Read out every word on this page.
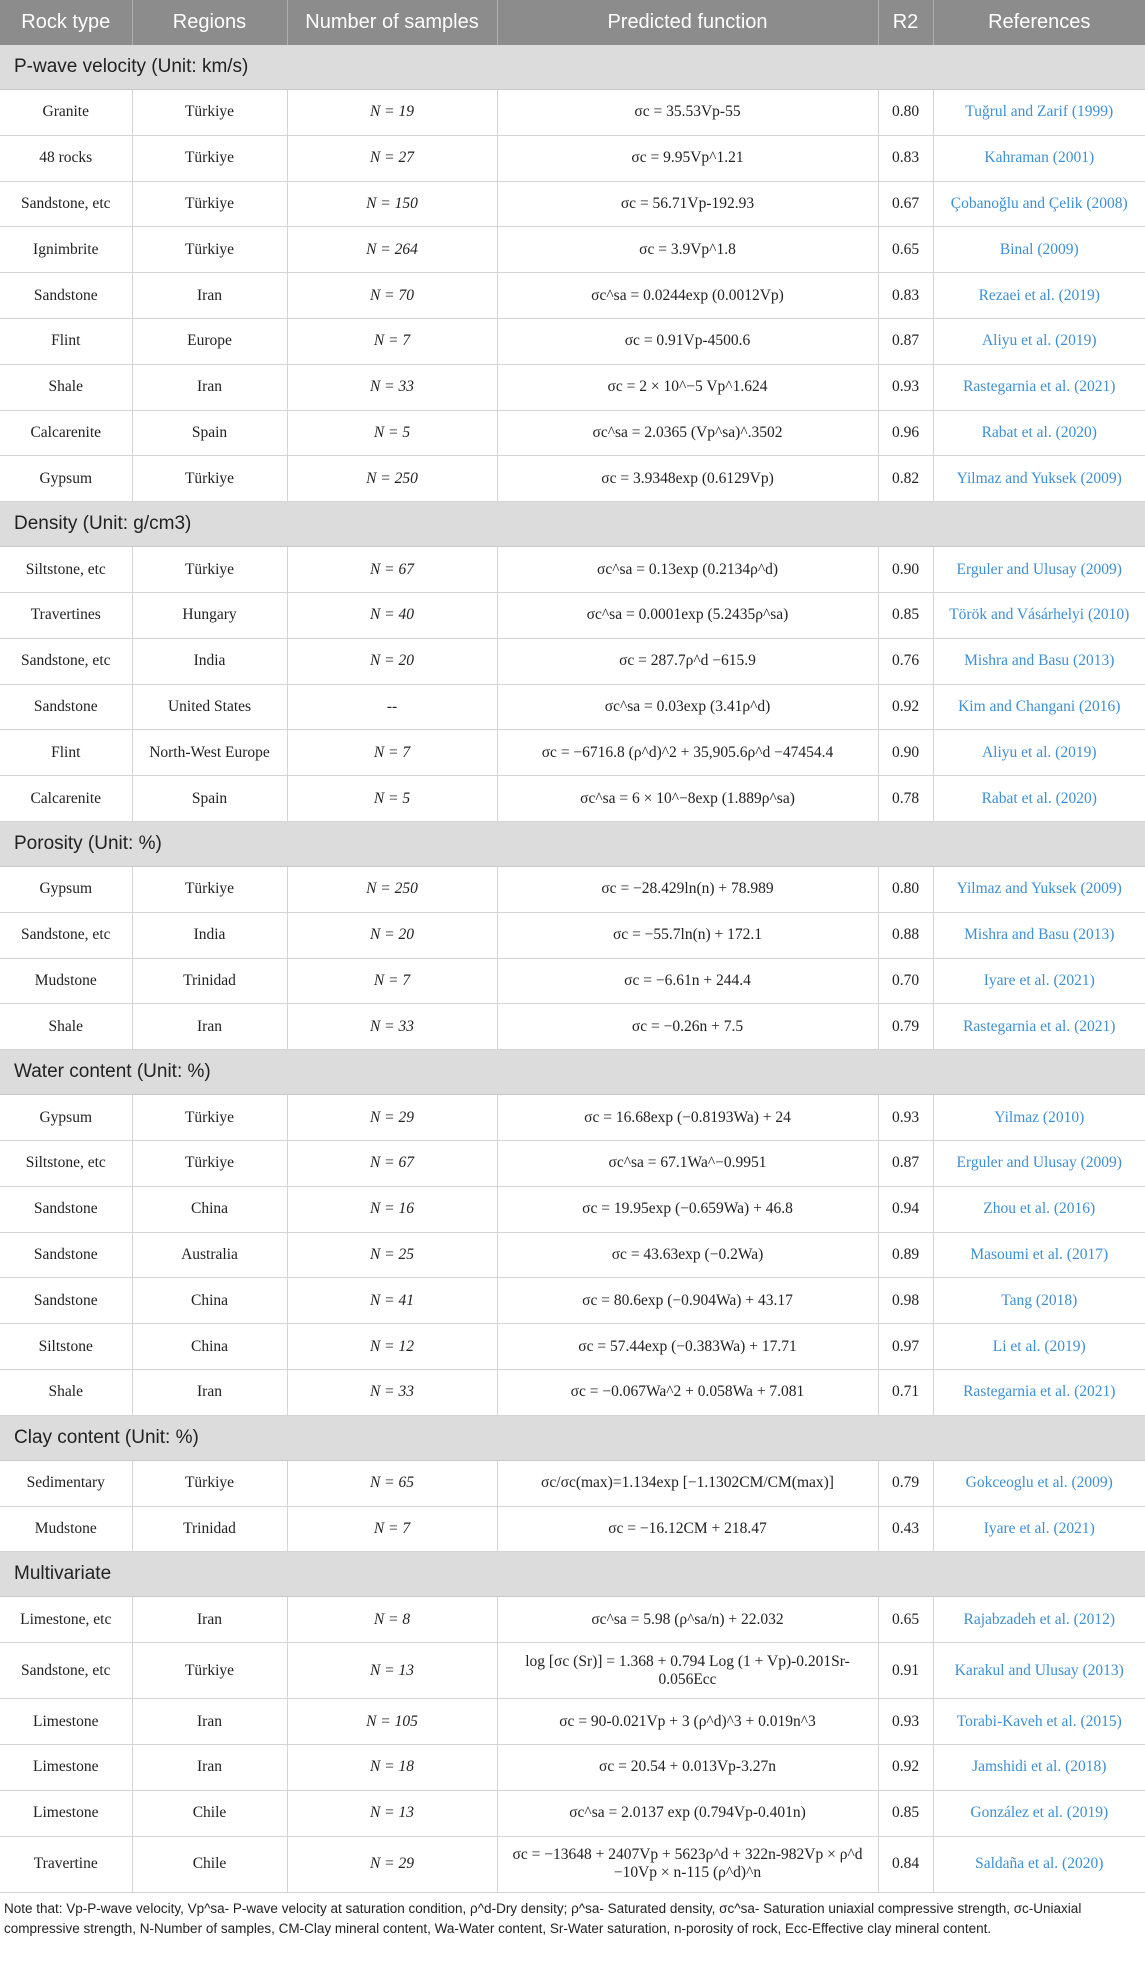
Rock type	Regions	Number of samples	Predicted function	R2	References
P-wave velocity (Unit: km/s)					
Granite	Türkiye	N = 19	σc = 35.53Vp-55	0.80	Tuğrul and Zarif (1999)
48 rocks	Türkiye	N = 27	σc = 9.95Vp^1.21	0.83	Kahraman (2001)
Sandstone, etc	Türkiye	N = 150	σc = 56.71Vp-192.93	0.67	Çobanoğlu and Çelik (2008)
Ignimbrite	Türkiye	N = 264	σc = 3.9Vp^1.8	0.65	Binal (2009)
Sandstone	Iran	N = 70	σc^sa = 0.0244exp (0.0012Vp)	0.83	Rezaei et al. (2019)
Flint	Europe	N = 7	σc = 0.91Vp-4500.6	0.87	Aliyu et al. (2019)
Shale	Iran	N = 33	σc = 2 × 10^−5 Vp^1.624	0.93	Rastegarnia et al. (2021)
Calcarenite	Spain	N = 5	σc^sa = 2.0365 (Vp^sa)^.3502	0.96	Rabat et al. (2020)
Gypsum	Türkiye	N = 250	σc = 3.9348exp (0.6129Vp)	0.82	Yilmaz and Yuksek (2009)
Density (Unit: g/cm3)					
Siltstone, etc	Türkiye	N = 67	σc^sa = 0.13exp (0.2134ρ^d)	0.90	Erguler and Ulusay (2009)
Travertines	Hungary	N = 40	σc^sa = 0.0001exp (5.2435ρ^sa)	0.85	Török and Vásárhelyi (2010)
Sandstone, etc	India	N = 20	σc = 287.7ρ^d −615.9	0.76	Mishra and Basu (2013)
Sandstone	United States	--	σc^sa = 0.03exp (3.41ρ^d)	0.92	Kim and Changani (2016)
Flint	North-West Europe	N = 7	σc = −6716.8 (ρ^d)^2 + 35,905.6ρ^d −47454.4	0.90	Aliyu et al. (2019)
Calcarenite	Spain	N = 5	σc^sa = 6 × 10^−8exp (1.889ρ^sa)	0.78	Rabat et al. (2020)
Porosity (Unit: %)					
Gypsum	Türkiye	N = 250	σc = −28.429ln(n) + 78.989	0.80	Yilmaz and Yuksek (2009)
Sandstone, etc	India	N = 20	σc = −55.7ln(n) + 172.1	0.88	Mishra and Basu (2013)
Mudstone	Trinidad	N = 7	σc = −6.61n + 244.4	0.70	Iyare et al. (2021)
Shale	Iran	N = 33	σc = −0.26n + 7.5	0.79	Rastegarnia et al. (2021)
Water content (Unit: %)					
Gypsum	Türkiye	N = 29	σc = 16.68exp (−0.8193Wa) + 24	0.93	Yilmaz (2010)
Siltstone, etc	Türkiye	N = 67	σc^sa = 67.1Wa^−0.9951	0.87	Erguler and Ulusay (2009)
Sandstone	China	N = 16	σc = 19.95exp (−0.659Wa) + 46.8	0.94	Zhou et al. (2016)
Sandstone	Australia	N = 25	σc = 43.63exp (−0.2Wa)	0.89	Masoumi et al. (2017)
Sandstone	China	N = 41	σc = 80.6exp (−0.904Wa) + 43.17	0.98	Tang (2018)
Siltstone	China	N = 12	σc = 57.44exp (−0.383Wa) + 17.71	0.97	Li et al. (2019)
Shale	Iran	N = 33	σc = −0.067Wa^2 + 0.058Wa + 7.081	0.71	Rastegarnia et al. (2021)
Clay content (Unit: %)					
Sedimentary	Türkiye	N = 65	σc/σc(max)=1.134exp [−1.1302CM/CM(max)]	0.79	Gokceoglu et al. (2009)
Mudstone	Trinidad	N = 7	σc = −16.12CM + 218.47	0.43	Iyare et al. (2021)
Multivariate					
Limestone, etc	Iran	N = 8	σc^sa = 5.98 (ρ^sa/n) + 22.032	0.65	Rajabzadeh et al. (2012)
Sandstone, etc	Türkiye	N = 13	log [σc (Sr)] = 1.368 + 0.794 Log (1 + Vp)-0.201Sr-0.056Ecc	0.91	Karakul and Ulusay (2013)
Limestone	Iran	N = 105	σc = 90-0.021Vp + 3 (ρ^d)^3 + 0.019n^3	0.93	Torabi-Kaveh et al. (2015)
Limestone	Iran	N = 18	σc = 20.54 + 0.013Vp-3.27n	0.92	Jamshidi et al. (2018)
Limestone	Chile	N = 13	σc^sa = 2.0137 exp (0.794Vp-0.401n)	0.85	González et al. (2019)
Travertine	Chile	N = 29	σc = −13648 + 2407Vp + 5623ρ^d + 322n-982Vp × ρ^d −10Vp × n-115 (ρ^d)^n	0.84	Saldaña et al. (2020)
Note that: Vp-P-wave velocity, Vp^sa- P-wave velocity at saturation condition, ρ^d-Dry density; ρ^sa- Saturated density, σc^sa- Saturation uniaxial compressive strength, σc-Uniaxial compressive strength, N-Number of samples, CM-Clay mineral content, Wa-Water content, Sr-Water saturation, n-porosity of rock, Ecc-Effective clay mineral content.
